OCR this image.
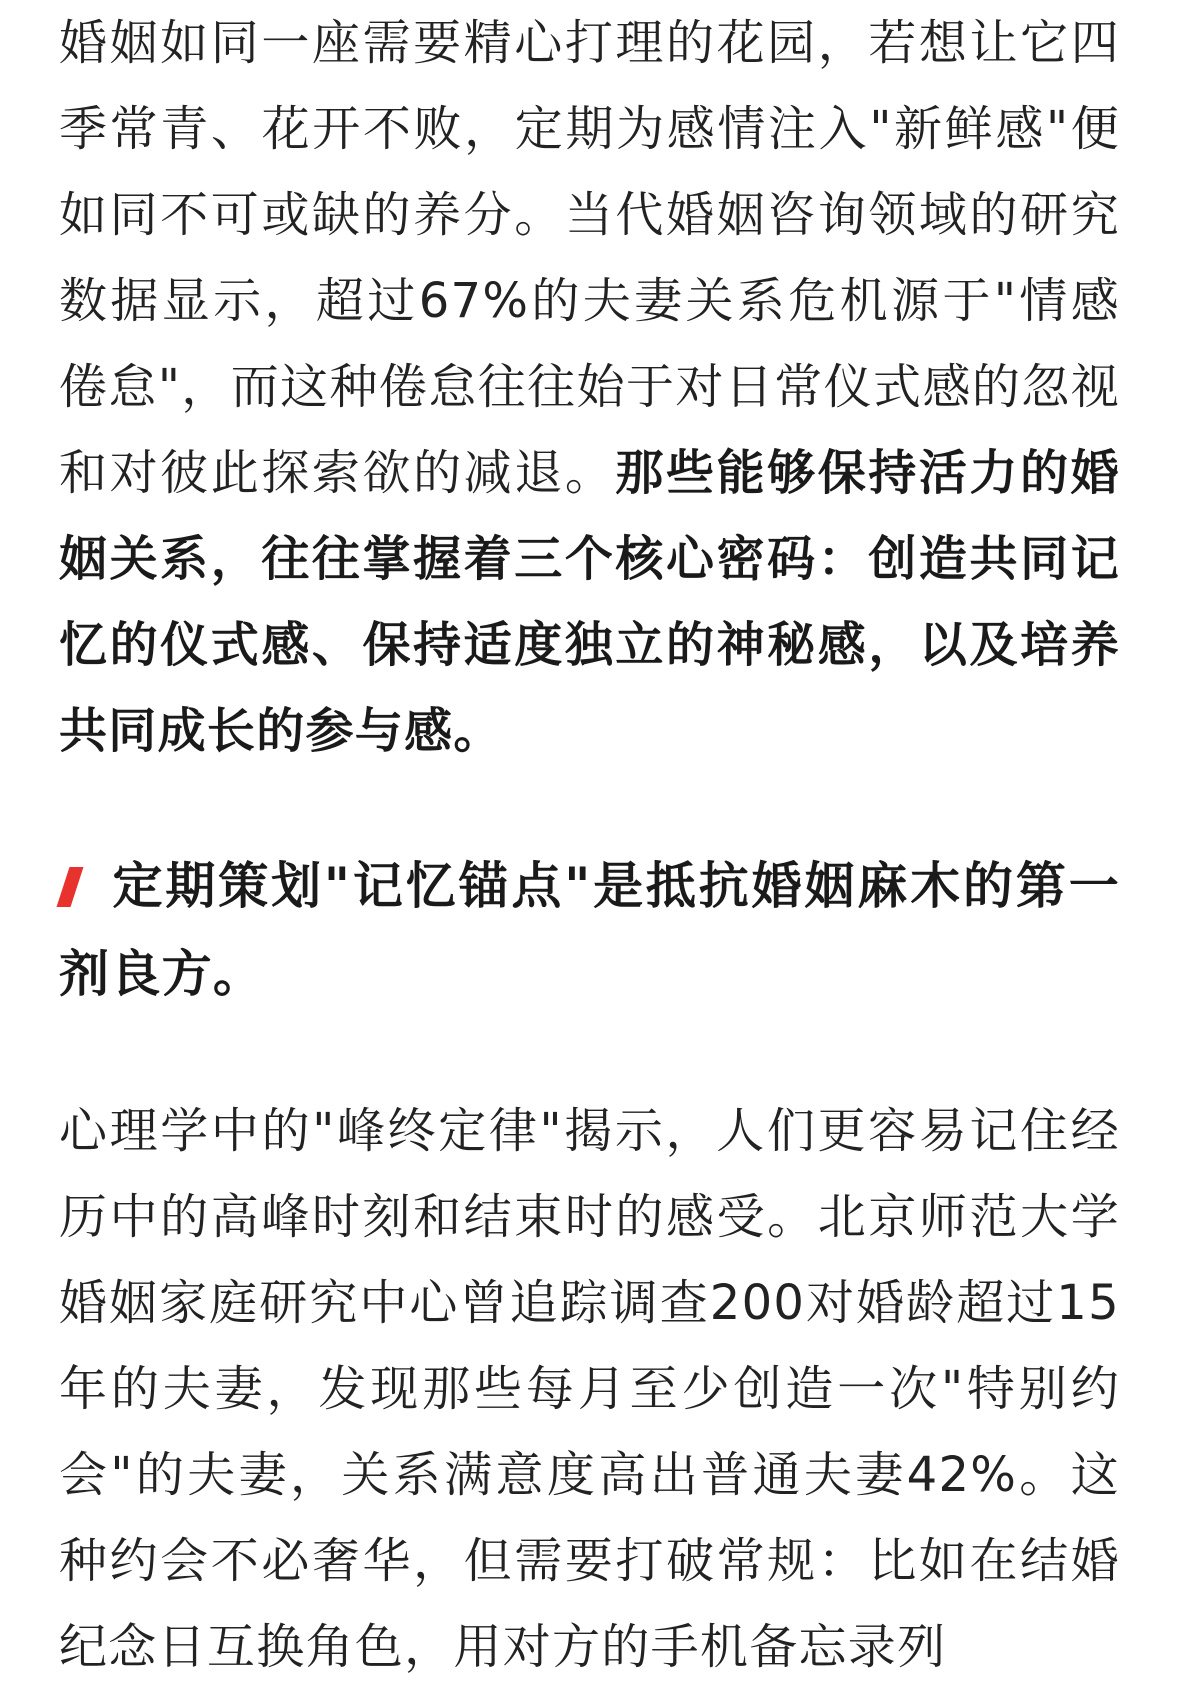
婚姻如同一座需要精心打理的花园，若想让它四季常青、花开不败，定期为感情注入"新鲜感"便如同不可或缺的养分。当代婚姻咨询领域的研究数据显示，超过67%的夫妻关系危机源于"情感倦怠"，而这种倦怠往往始于对日常仪式感的忽视和对彼此探索欲的减退。那些能够保持活力的婚姻关系，往往掌握着三个核心密码：创造共同记忆的仪式感、保持适度独立的神秘感，以及培养共同成长的参与感。

定期策划"记忆锚点"是抵抗婚姻麻木的第一剂良方。

心理学中的"峰终定律"揭示，人们更容易记住经历中的高峰时刻和结束时的感受。北京师范大学婚姻家庭研究中心曾追踪调查200对婚龄超过15年的夫妻，发现那些每月至少创造一次"特别约会"的夫妻，关系满意度高出普通夫妻42%。这种约会不必奢华，但需要打破常规：比如在结婚纪念日互换角色，用对方的手机备忘录列
